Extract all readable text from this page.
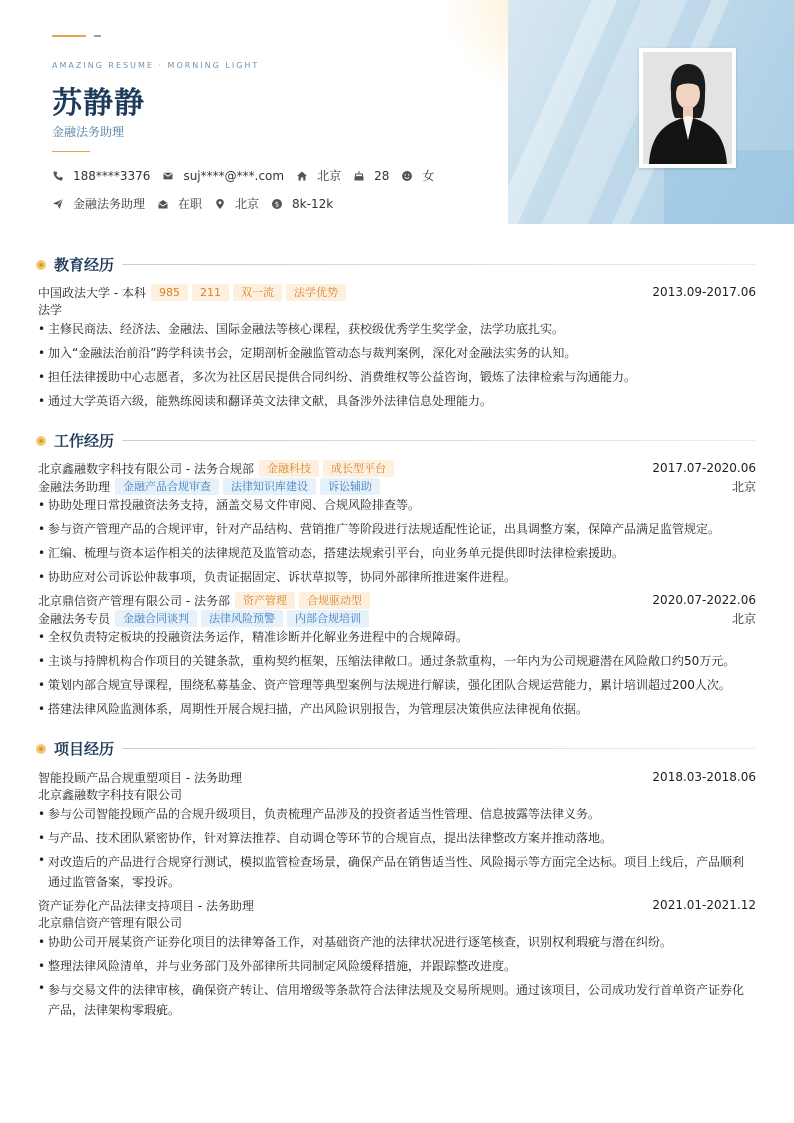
AMAZING RESUME · MORNING LIGHT
苏静静
金融法务助理
188****3376	suj****@***.com	北京	28	女
金融法务助理	在职	北京 $ 8k-12k
教育经历
中国政法大学 - 本科	985	211	双一流	法学优势	2013.09-2017.06
法学
• 主修民商法、经济法、金融法、国际金融法等核心课程，获校级优秀学生奖学金，法学功底扎实。
• 加入“金融法治前沿”跨学科读书会，定期剖析金融监管动态与裁判案例，深化对金融法实务的认知。
• 担任法律援助中心志愿者，多次为社区居民提供合同纠纷、消费维权等公益咨询，锻炼了法律检索与沟通能力。
• 通过大学英语六级，能熟练阅读和翻译英文法律文献，具备涉外法律信息处理能力。
工作经历
北京鑫融数字科技有限公司 - 法务合规部	金融科技	成长型平台	2017.07-2020.06
金融法务助理	金融产品合规审查	法律知识库建设	诉讼辅助	北京
• 协助处理日常投融资法务支持，涵盖交易文件审阅、合规风险排查等。
• 参与资产管理产品的合规评审，针对产品结构、营销推广等阶段进行法规适配性论证，出具调整方案，保障产品满足监管规定。
• 汇编、梳理与资本运作相关的法律规范及监管动态，搭建法规索引平台，向业务单元提供即时法律检索援助。
• 协助应对公司诉讼仲裁事项，负责证据固定、诉状草拟等，协同外部律所推进案件进程。
北京鼎信资产管理有限公司 - 法务部	资产管理	合规驱动型	2020.07-2022.06
金融法务专员	金融合同谈判	法律风险预警	内部合规培训	北京
• 全权负责特定板块的投融资法务运作，精准诊断并化解业务进程中的合规障碍。
• 主谈与持牌机构合作项目的关键条款，重构契约框架，压缩法律敞口。通过条款重构，一年内为公司规避潜在风险敞口约50万元。
• 策划内部合规宣导课程，围绕私募基金、资产管理等典型案例与法规进行解读，强化团队合规运营能力，累计培训超过200人次。
• 搭建法律风险监测体系，周期性开展合规扫描，产出风险识别报告，为管理层决策供应法律视角依据。
项目经历
智能投顾产品合规重塑项目 - 法务助理	2018.03-2018.06
北京鑫融数字科技有限公司
• 参与公司智能投顾产品的合规升级项目，负责梳理产品涉及的投资者适当性管理、信息披露等法律义务。
• 与产品、技术团队紧密协作，针对算法推荐、自动调仓等环节的合规盲点，提出法律整改方案并推动落地。
• 对改造后的产品进行合规穿行测试，模拟监管检查场景，确保产品在销售适当性、风险揭示等方面完全达标。项目上线后，产品顺利通过监管备案，零投诉。
资产证券化产品法律支持项目 - 法务助理	2021.01-2021.12
北京鼎信资产管理有限公司
• 协助公司开展某资产证券化项目的法律筹备工作，对基础资产池的法律状况进行逐笔核查，识别权利瑕疵与潜在纠纷。
• 整理法律风险清单，并与业务部门及外部律所共同制定风险缓释措施，并跟踪整改进度。
• 参与交易文件的法律审核，确保资产转让、信用增级等条款符合法律法规及交易所规则。通过该项目，公司成功发行首单资产证券化产品，法律架构零瑕疵。
